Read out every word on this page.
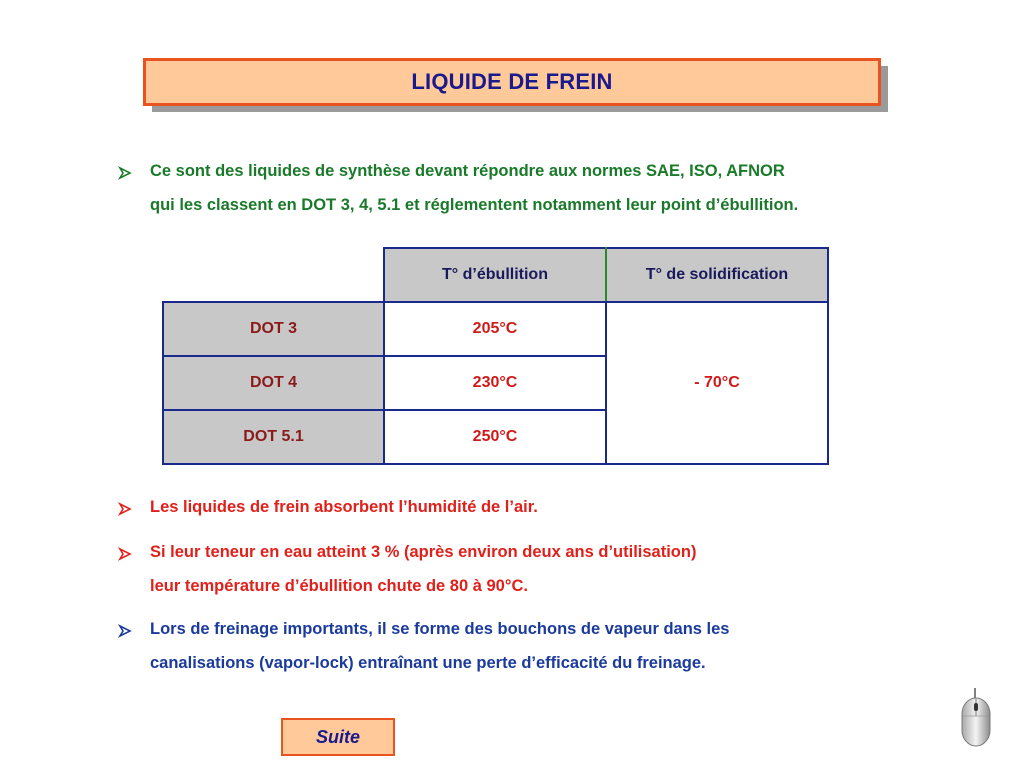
LIQUIDE DE FREIN
Ce sont des liquides de synthèse devant répondre aux normes SAE, ISO, AFNOR
qui les classent en DOT 3, 4, 5.1 et réglementent notamment leur point d’ébullition.
	T° d’ébullition	T° de solidification
DOT 3	205°C	- 70°C
DOT 4	230°C	
DOT 5.1	250°C	
Les liquides de frein absorbent l’humidité de l’air.
Si leur teneur en eau atteint 3 % (après environ deux ans d’utilisation)
leur température d’ébullition chute de 80 à 90°C.
Lors de freinage importants, il se forme des bouchons de vapeur dans les
canalisations (vapor-lock) entraînant une perte d’efficacité du freinage.
Suite
